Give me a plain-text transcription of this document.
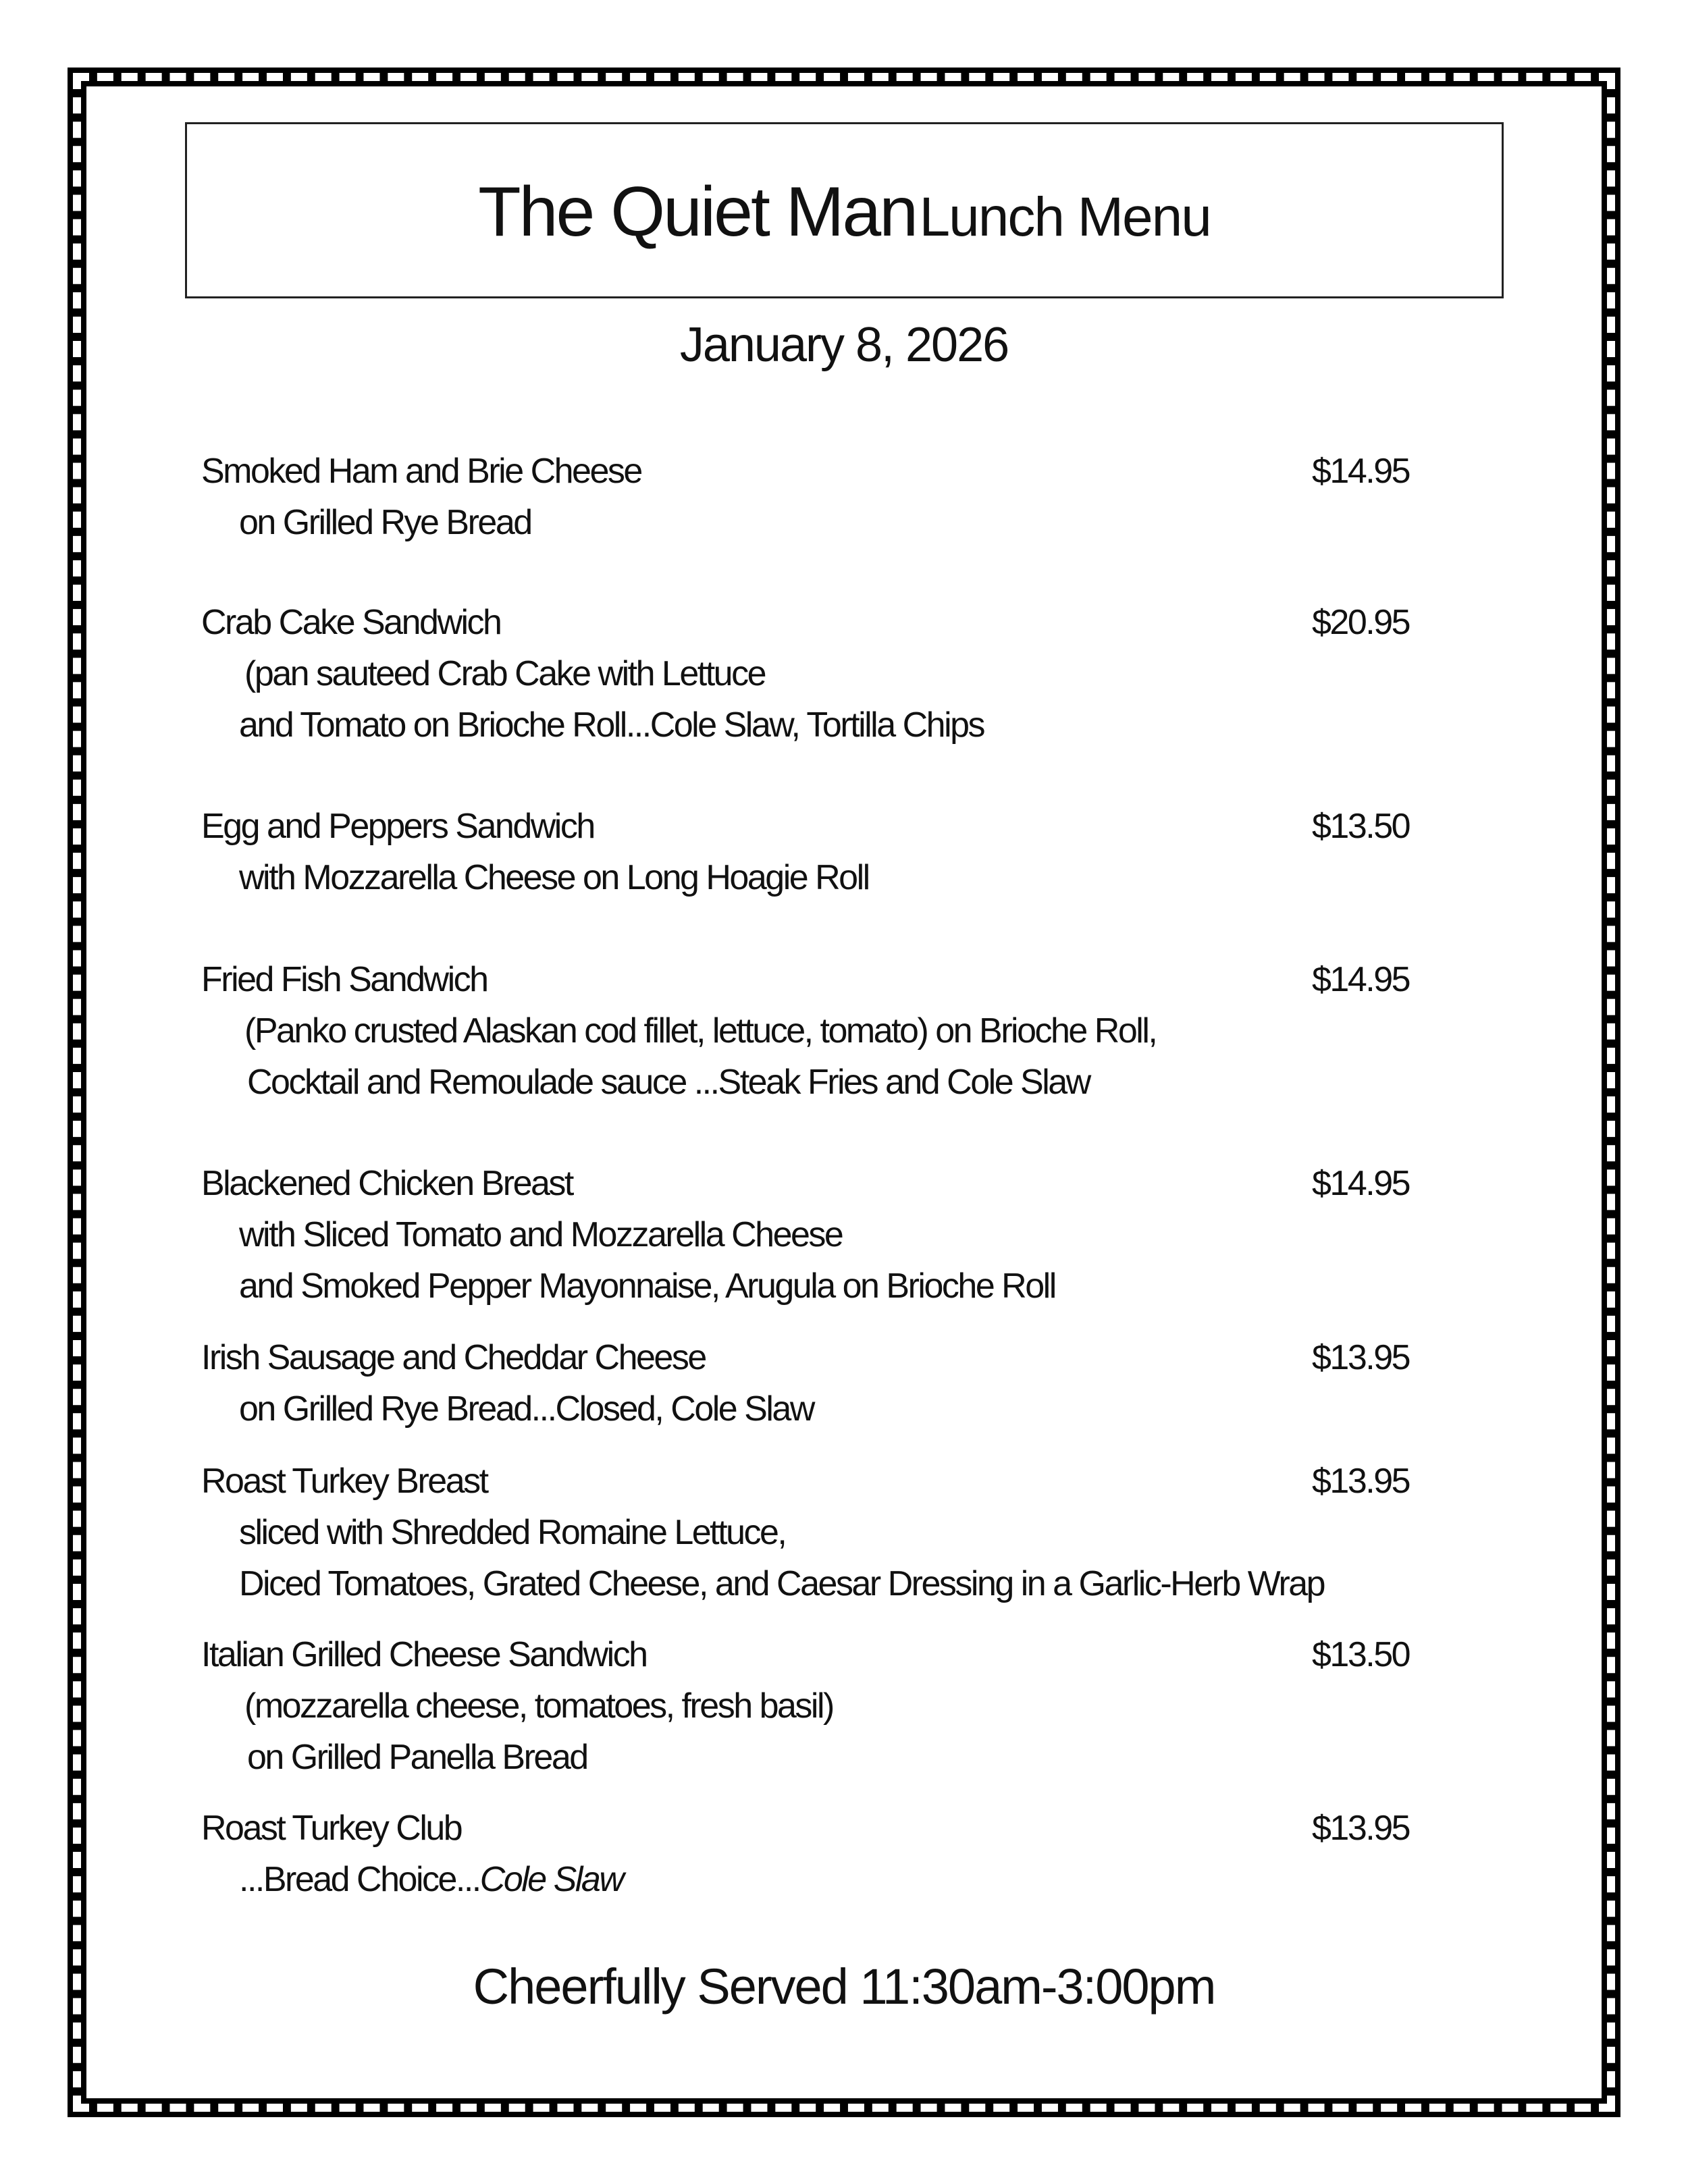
The Quiet Man Lunch Menu
January 8, 2026
Smoked Ham and Brie Cheese	$14.95
on Grilled Rye Bread
Crab Cake Sandwich	$20.95
(pan sauteed Crab Cake with Lettuce
and Tomato on Brioche Roll...Cole Slaw, Tortilla Chips
Egg and Peppers Sandwich	$13.50
with Mozzarella Cheese on Long Hoagie Roll
Fried Fish Sandwich	$14.95
(Panko crusted Alaskan cod fillet, lettuce, tomato) on Brioche Roll,
Cocktail and Remoulade sauce ...Steak Fries and Cole Slaw
Blackened Chicken Breast	$14.95
with Sliced Tomato and Mozzarella Cheese
and Smoked Pepper Mayonnaise, Arugula on Brioche Roll
Irish Sausage and Cheddar Cheese	$13.95
on Grilled Rye Bread...Closed, Cole Slaw
Roast Turkey Breast	$13.95
sliced with Shredded Romaine Lettuce,
Diced Tomatoes, Grated Cheese, and Caesar Dressing in a Garlic-Herb Wrap
Italian Grilled Cheese Sandwich	$13.50
(mozzarella cheese, tomatoes, fresh basil)
on Grilled Panella Bread
Roast Turkey Club	$13.95
...Bread Choice...Cole Slaw
Cheerfully Served 11:30am-3:00pm
